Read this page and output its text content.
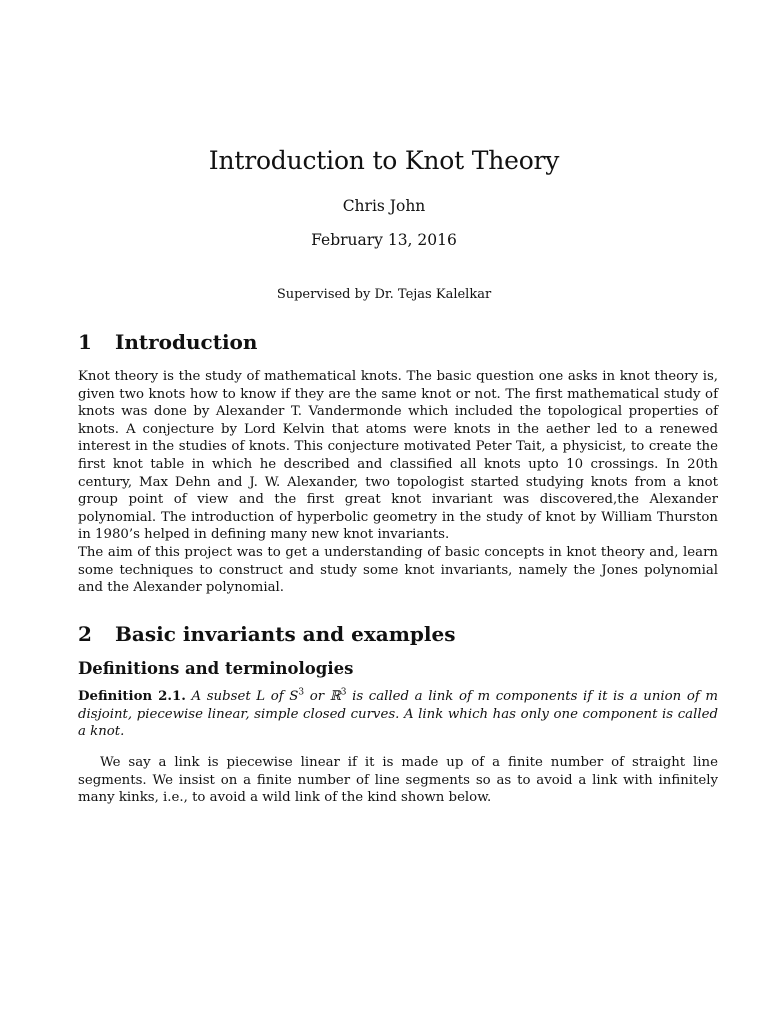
Introduction to Knot Theory
Chris John
February 13, 2016
Supervised by Dr. Tejas Kalelkar
1 Introduction

Knot theory is the study of mathematical knots. The basic question one asks in knot theory is, given two knots how to know if they are the same knot or not. The first mathematical study of knots was done by Alexander T. Vandermonde which included the topological properties of knots. A conjecture by Lord Kelvin that atoms were knots in the aether led to a renewed interest in the studies of knots. This conjecture motivated Peter Tait, a physicist, to create the first knot table in which he described and classified all knots upto 10 crossings. In 20th century, Max Dehn and J. W. Alexander, two topologist started studying knots from a knot group point of view and the first great knot invariant was discovered,the Alexander polynomial. The introduction of hyperbolic geometry in the study of knot by William Thurston in 1980’s helped in defining many new knot invariants.

The aim of this project was to get a understanding of basic concepts in knot theory and, learn some techniques to construct and study some knot invariants, namely the Jones polynomial and the Alexander polynomial.

2 Basic invariants and examples
Definitions and terminologies

Definition 2.1. A subset L of $S^3$ or ℝ$^3$ is called a link of m components if it is a union of m disjoint, piecewise linear, simple closed curves. A link which has only one component is called a knot.

We say a link is piecewise linear if it is made up of a finite number of straight line segments. We insist on a finite number of line segments so as to avoid a link with infinitely many kinks, i.e., to avoid a wild link of the kind shown below.
